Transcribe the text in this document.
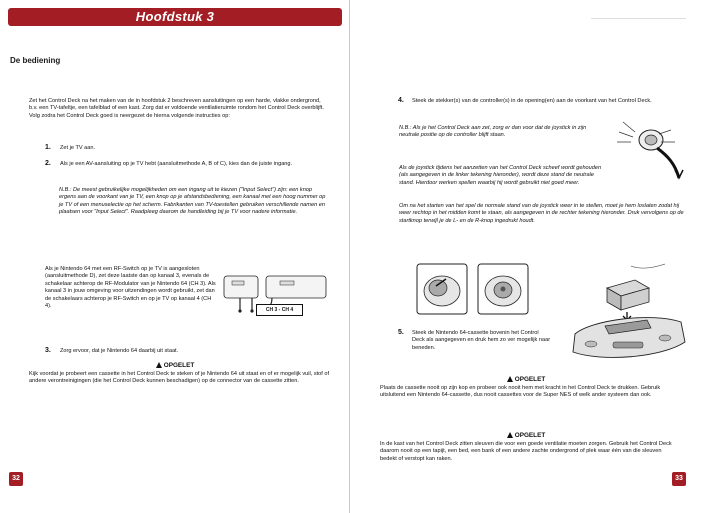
Hoofdstuk 3
De bediening

Zet het Control Deck na het maken van de in hoofdstuk 2 beschreven aansluitingen op een harde, vlakke ondergrond, b.v. een TV-tafeltje, een tafelblad of een kast. Zorg dat er voldoende ventilatieruimte rondom het Control Deck overblijft. Volg zodra het Control Deck goed is neergezet de hierna volgende instructies op:

1. Zet je TV aan.

2. Als je een AV-aansluiting op je TV hebt (aansluitmethode A, B of C), kies dan de juiste ingang.

N.B.: De meest gebruikelijke mogelijkheden om een ingang uit te kiezen ("Input Select") zijn: een knop ergens aan de voorkant van je TV, een knop op je afstandsbediening, een kanaal met een hoog nummer op je TV of een menuselectie op het scherm. Fabrikanten van TV-toestellen gebruiken verschillende namen en plaatsen voor "Input Select". Raadpleeg daarom de handleiding bij je TV voor nadere informatie.

Als je Nintendo 64 met een RF-Switch op je TV is aangesloten (aansluitmethode D), zet deze laatste dan op kanaal 3, evenals de schakelaar achterop de RF-Modulator van je Nintendo 64 (CH 3). Als kanaal 3 in jouw omgeving voor uitzendingen wordt gebruikt, zet dan de schakelaars achterop je RF-Switch en op je TV op kanaal 4 (CH 4).

CH 3 - CH 4
3. Zorg ervoor, dat je Nintendo 64 daarbij uit staat.

OPGELET

Kijk voordat je probeert een cassette in het Control Deck te steken of je Nintendo 64 uit staat en of er mogelijk vuil, stof of andere verontreinigingen (die het Control Deck kunnen beschadigen) op de connector van de cassette zitten.

32
4. Steek de stekker(s) van de controller(s) in de opening(en) aan de voorkant van het Control Deck.

N.B.: Als je het Control Deck aan zet, zorg er dan voor dat de joystick in zijn neutrale positie op de controller blijft staan.

Als de joystick tijdens het aanzetten van het Control Deck scheef wordt gehouden (als aangegeven in de linker tekening hieronder), wordt deze stand de neutrale stand. Hierdoor werken spellen waarbij hij wordt gebruikt niet goed meer.

Om na het starten van het spel de normale stand van de joystick weer in te stellen, moet je hem loslaten zodat hij weer rechtop in het midden komt te staan, als aangegeven in de rechter tekening hieronder. Druk vervolgens op de startknop terwijl je de L- en de R-knop ingedrukt houdt.

5. Steek de Nintendo 64-cassette bovenin het Control Deck als aangegeven en druk hem zo ver mogelijk naar beneden.

OPGELET

Plaats de cassette nooit op zijn kop en probeer ook nooit hem met kracht in het Control Deck te drukken. Gebruik uitsluitend een Nintendo 64-cassette, dus nooit cassettes voor de Super NES of welk ander systeem dan ook.

OPGELET

In de kast van het Control Deck zitten sleuven die voor een goede ventilatie moeten zorgen. Gebruik het Control Deck daarom nooit op een tapijt, een bed, een bank of een andere zachte ondergrond of plek waar één van die sleuven bedekt of verstopt kan raken.

33
